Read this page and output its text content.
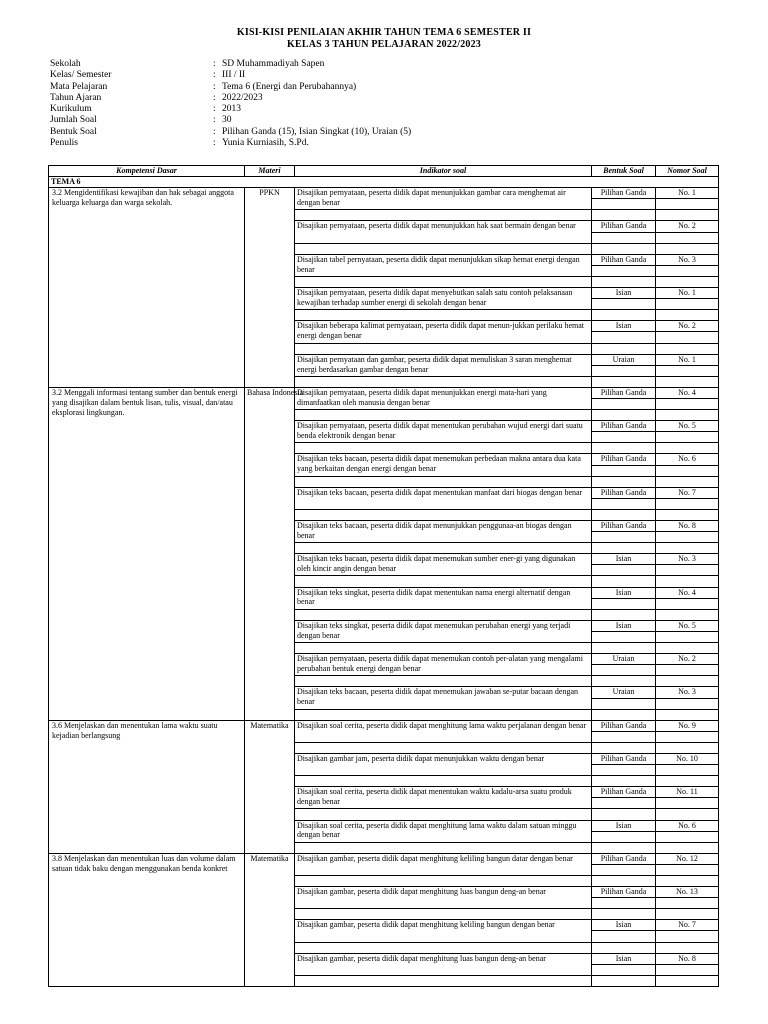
KISI-KISI PENILAIAN AKHIR TAHUN TEMA 6 SEMESTER II
KELAS 3 TAHUN PELAJARAN 2022/2023
Sekolah	: SD Muhammadiyah Sapen
Kelas/ Semester	: III / II
Mata Pelajaran	: Tema 6 (Energi dan Perubahannya)
Tahun Ajaran	: 2022/2023
Kurikulum	: 2013
Jumlah Soal	: 30
Bentuk Soal	: Pilihan Ganda (15), Isian Singkat (10), Uraian (5)
Penulis	: Yunia Kurniasih, S.Pd.
Kompetensi Dasar	Materi	Indikator soal	Bentuk Soal	Nomor Soal
TEMA 6				
3.2 Mengidentifikasi kewajiban dan hak sebagai anggota keluarga keluarga dan warga sekolah.	PPKN	Disajikan pernyataan, peserta didik dapat menunjukkan gambar cara menghemat air dengan benar	Pilihan Ganda	No. 1

		Disajikan pernyataan, peserta didik dapat menunjukkan hak saat bermain dengan benar	Pilihan Ganda	No. 2

		Disajikan tabel pernyataan, peserta didik dapat menunjukkan sikap hemat energi dengan benar	Pilihan Ganda	No. 3

		Disajikan pernyataan, peserta didik dapat menyebutkan salah satu contoh pelaksanaan kewajiban terhadap sumber energi di sekolah dengan benar	Isian	No. 1

		Disajikan beberapa kalimat pernyataan, peserta didik dapat menun-jukkan perilaku hemat energi dengan benar	Isian	No. 2

		Disajikan pernyataan dan gambar, peserta didik dapat menuliskan 3 saran menghemat energi berdasarkan gambar dengan benar	Uraian	No. 1

3.2 Menggali informasi tentang sumber dan bentuk energi yang disajikan dalam bentuk lisan, tulis, visual, dan/atau eksplorasi lingkungan.	Bahasa Indonesia	Disajikan pernyataan, peserta didik dapat menunjukkan energi mata-hari yang dimanfaatkan oleh manusia dengan benar	Pilihan Ganda	No. 4

		Disajikan pernyataan, peserta didik dapat menentukan perubahan wujud energi dari suatu benda elektronik dengan benar	Pilihan Ganda	No. 5

		Disajikan teks bacaan, peserta didik dapat menemukan perbedaan makna antara dua kata yang berkaitan dengan energi dengan benar	Pilihan Ganda	No. 6

		Disajikan teks bacaan, peserta didik dapat menentukan manfaat dari biogas dengan benar	Pilihan Ganda	No. 7

		Disajikan teks bacaan, peserta didik dapat menunjukkan penggunaa-an biogas dengan benar	Pilihan Ganda	No. 8

		Disajikan teks bacaan, peserta didik dapat menemukan sumber ener-gi yang digunakan oleh kincir angin dengan benar	Isian	No. 3

		Disajikan teks singkat, peserta didik dapat menentukan nama energi alternatif dengan benar	Isian	No. 4

		Disajikan teks singkat, peserta didik dapat menemukan perubahan energi yang terjadi dengan benar	Isian	No. 5

		Disajikan pernyataan, peserta didik dapat menemukan contoh per-alatan yang mengalami perubahan bentuk energi dengan benar	Uraian	No. 2

		Disajikan teks bacaan, peserta didik dapat menemukan jawaban se-putar bacaan dengan benar	Uraian	No. 3

3.6 Menjelaskan dan menentukan lama waktu suatu kejadian berlangsung	Matematika	Disajikan soal cerita, peserta didik dapat menghitung lama waktu perjalanan dengan benar	Pilihan Ganda	No. 9

		Disajikan gambar jam, peserta didik dapat menunjukkan waktu dengan benar	Pilihan Ganda	No. 10

		Disajikan soal cerita, peserta didik dapat menentukan waktu kadalu-arsa suatu produk dengan benar	Pilihan Ganda	No. 11

		Disajikan soal cerita, peserta didik dapat menghitung lama waktu dalam satuan minggu dengan benar	Isian	No. 6

3.8 Menjelaskan dan menentukan luas dan volume dalam satuan tidak baku dengan menggunakan benda konkret	Matematika	Disajikan gambar, peserta didik dapat menghitung keliling bangun datar dengan benar	Pilihan Ganda	No. 12

		Disajikan gambar, peserta didik dapat menghitung luas bangun deng-an benar	Pilihan Ganda	No. 13

		Disajikan gambar, peserta didik dapat menghitung keliling bangun dengan benar	Isian	No. 7

		Disajikan gambar, peserta didik dapat menghitung luas bangun deng-an benar	Isian	No. 8
